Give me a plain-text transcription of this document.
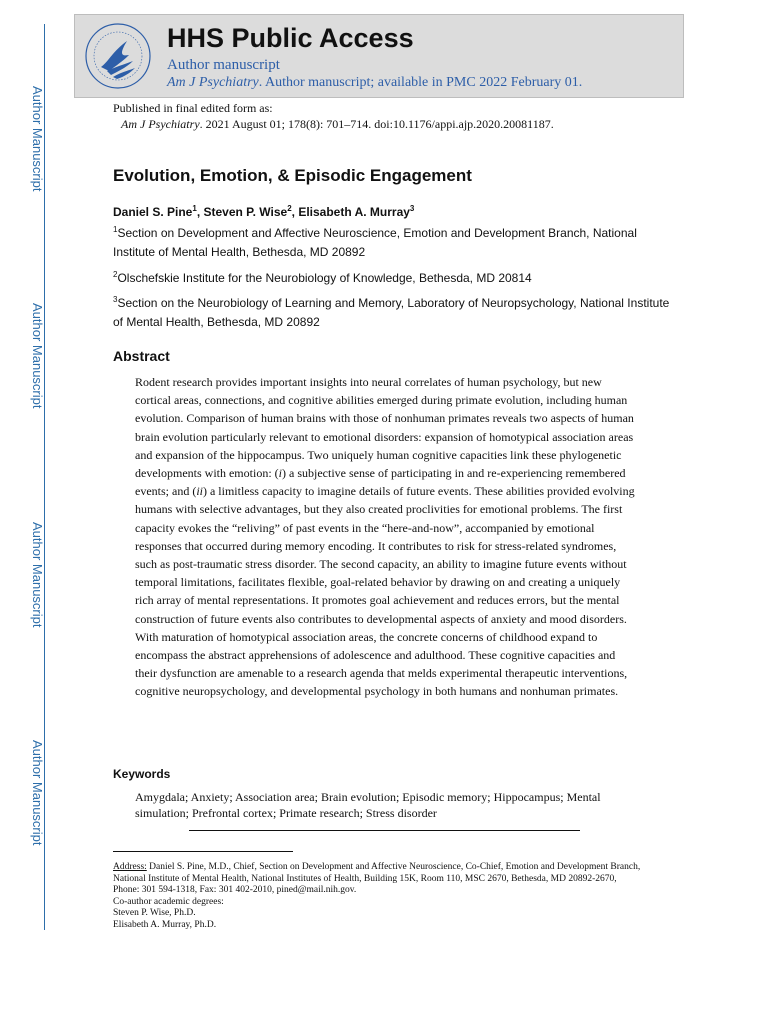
Author Manuscript
Author Manuscript
Author Manuscript
Author Manuscript
HHS Public Access
Author manuscript
Am J Psychiatry. Author manuscript; available in PMC 2022 February 01.
Published in final edited form as:
Am J Psychiatry. 2021 August 01; 178(8): 701–714. doi:10.1176/appi.ajp.2020.20081187.
Evolution, Emotion, & Episodic Engagement
Daniel S. Pine$^1$, Steven P. Wise$^2$, Elisabeth A. Murray$^3$
$^1$Section on Development and Affective Neuroscience, Emotion and Development Branch, National Institute of Mental Health, Bethesda, MD 20892
$^2$Olschefskie Institute for the Neurobiology of Knowledge, Bethesda, MD 20814
$^3$Section on the Neurobiology of Learning and Memory, Laboratory of Neuropsychology, National Institute of Mental Health, Bethesda, MD 20892
Abstract
Rodent research provides important insights into neural correlates of human psychology, but new cortical areas, connections, and cognitive abilities emerged during primate evolution, including human evolution. Comparison of human brains with those of nonhuman primates reveals two aspects of human brain evolution particularly relevant to emotional disorders: expansion of homotypical association areas and expansion of the hippocampus. Two uniquely human cognitive capacities link these phylogenetic developments with emotion: (i) a subjective sense of participating in and re-experiencing remembered events; and (ii) a limitless capacity to imagine details of future events. These abilities provided evolving humans with selective advantages, but they also created proclivities for emotional problems. The first capacity evokes the “reliving” of past events in the “here-and-now”, accompanied by emotional responses that occurred during memory encoding. It contributes to risk for stress-related syndromes, such as post-traumatic stress disorder. The second capacity, an ability to imagine future events without temporal limitations, facilitates flexible, goal-related behavior by drawing on and creating a uniquely rich array of mental representations. It promotes goal achievement and reduces errors, but the mental construction of future events also contributes to developmental aspects of anxiety and mood disorders. With maturation of homotypical association areas, the concrete concerns of childhood expand to encompass the abstract apprehensions of adolescence and adulthood. These cognitive capacities and their dysfunction are amenable to a research agenda that melds experimental therapeutic interventions, cognitive neuropsychology, and developmental psychology in both humans and nonhuman primates.
Keywords
Amygdala; Anxiety; Association area; Brain evolution; Episodic memory; Hippocampus; Mental simulation; Prefrontal cortex; Primate research; Stress disorder
Address: Daniel S. Pine, M.D., Chief, Section on Development and Affective Neuroscience, Co-Chief, Emotion and Development Branch, National Institute of Mental Health, National Institutes of Health, Building 15K, Room 110, MSC 2670, Bethesda, MD 20892-2670, Phone: 301 594-1318, Fax: 301 402-2010, pined@mail.nih.gov.
Co-author academic degrees:
Steven P. Wise, Ph.D.
Elisabeth A. Murray, Ph.D.
